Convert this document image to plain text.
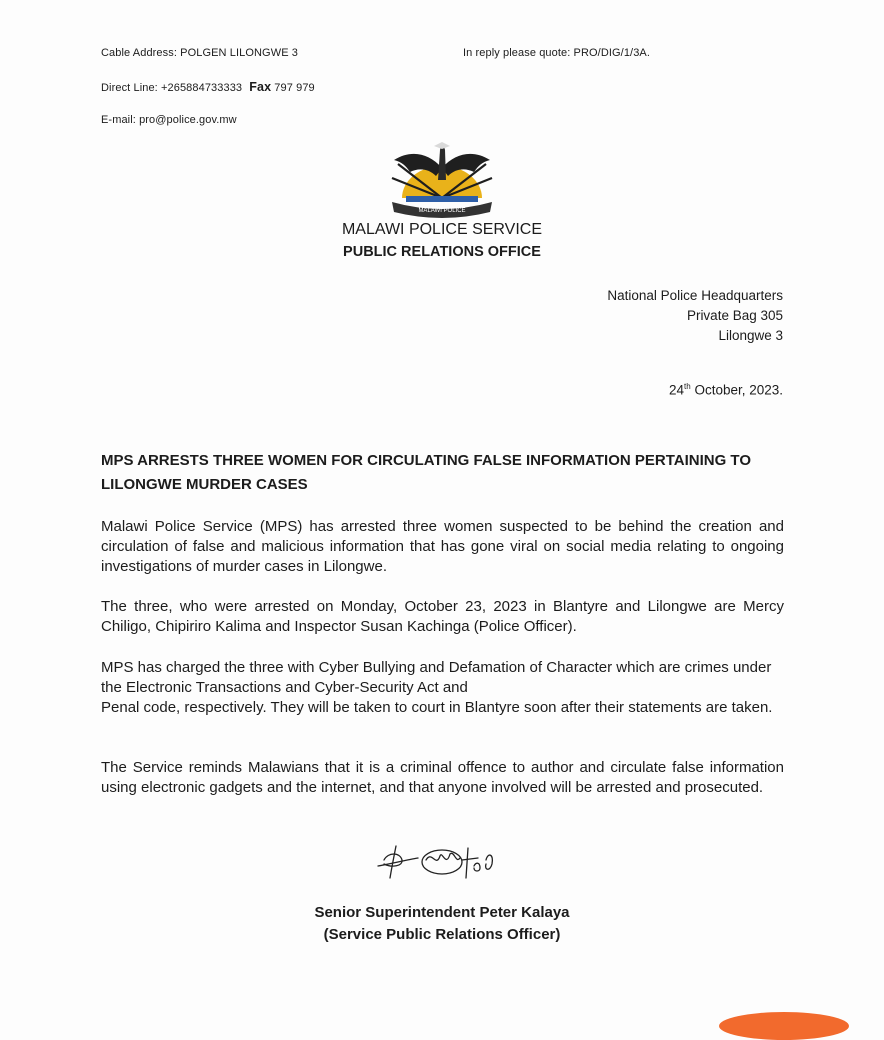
Cable Address: POLGEN LILONGWE 3	In reply please quote: PRO/DIG/1/3A.
Direct Line: +265884733333 Fax 797 979
E-mail: pro@police.gov.mw
MALAWI POLICE
MALAWI POLICE SERVICE
PUBLIC RELATIONS OFFICE
National Police Headquarters
Private Bag 305
Lilongwe 3
24th October, 2023.
MPS ARRESTS THREE WOMEN FOR CIRCULATING FALSE INFORMATION PERTAINING TO LILONGWE MURDER CASES
Malawi Police Service (MPS) has arrested three women suspected to be behind the creation and circulation of false and malicious information that has gone viral on social media relating to ongoing investigations of murder cases in Lilongwe.
The three, who were arrested on Monday, October 23, 2023 in Blantyre and Lilongwe are Mercy Chiligo, Chipiriro Kalima and Inspector Susan Kachinga (Police Officer).
MPS has charged the three with Cyber Bullying and Defamation of Character which are crimes under the Electronic Transactions and Cyber-Security Act and
Penal code, respectively. They will be taken to court in Blantyre soon after their statements are taken.
The Service reminds Malawians that it is a criminal offence to author and circulate false information using electronic gadgets and the internet, and that anyone involved will be arrested and prosecuted.
Senior Superintendent Peter Kalaya
(Service Public Relations Officer)
